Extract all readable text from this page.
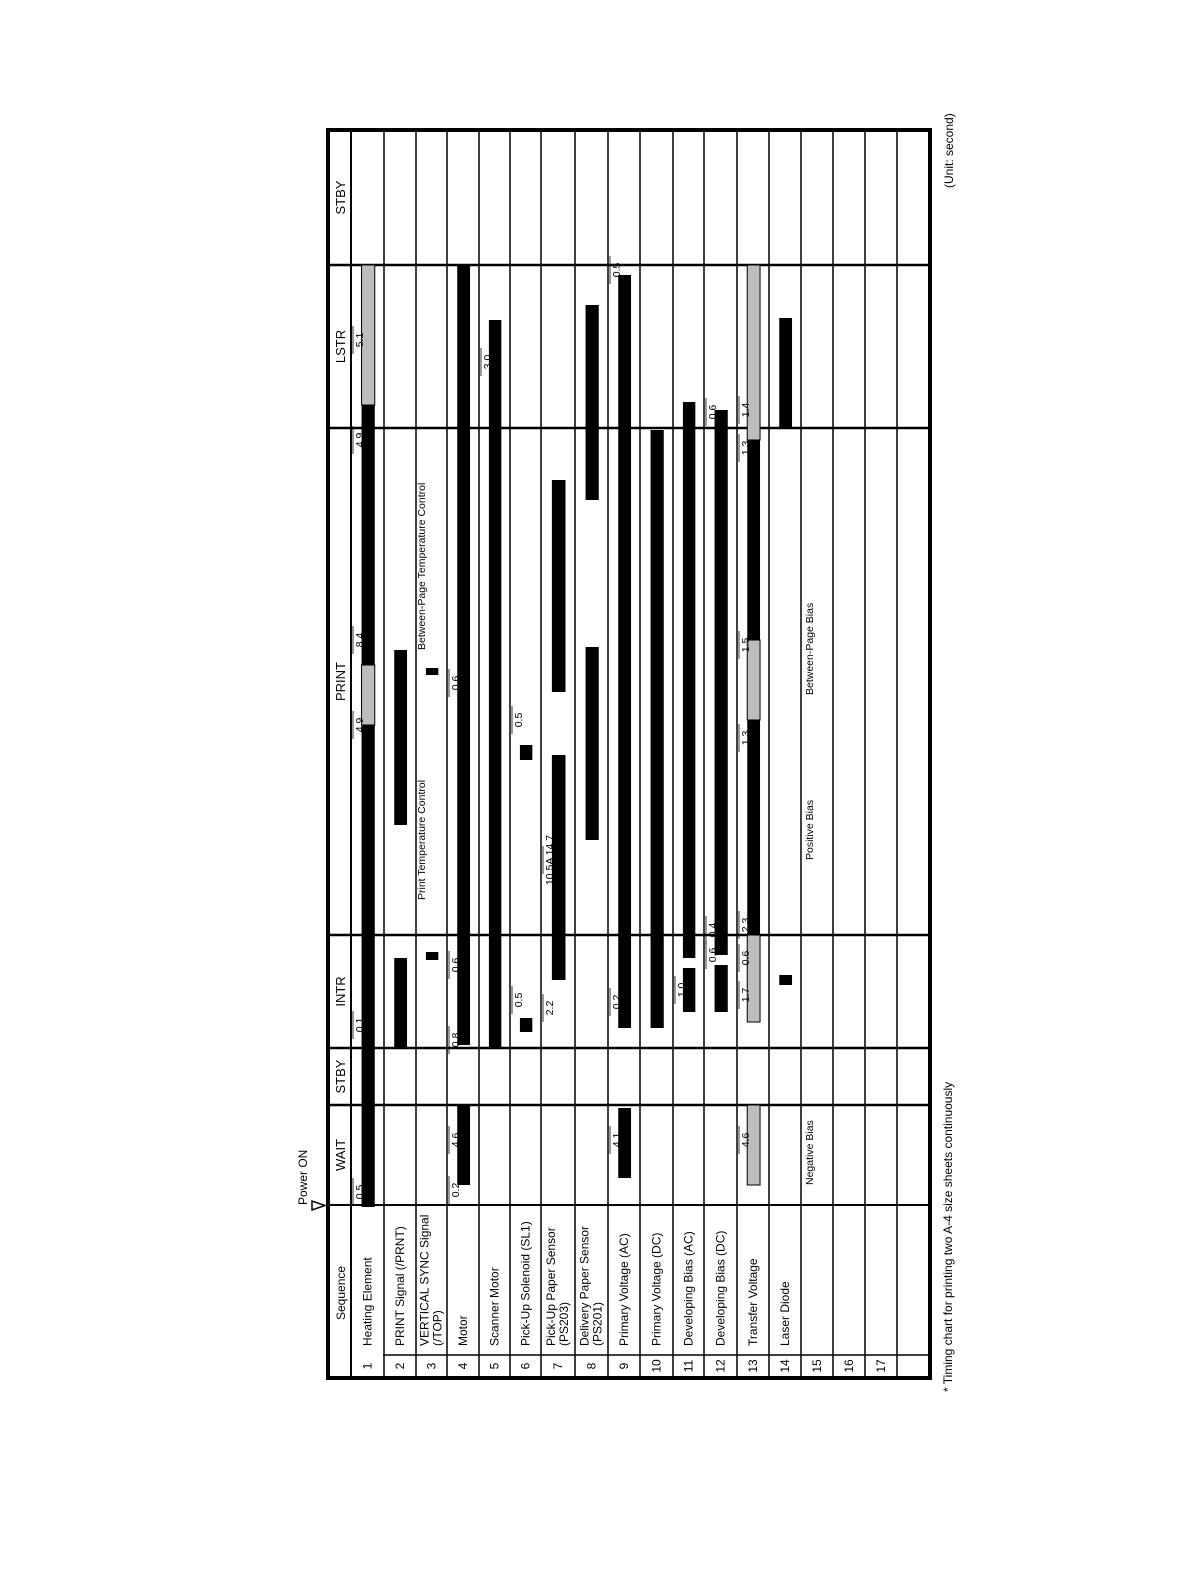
Sequence
Power ON
(Unit: second)
* Timing chart for printing two A-4 size sheets continuously
WAIT
STBY
INTR
PRINT
LSTR
STBY
1
Heating Element
2
PRINT Signal (/PRNT)
3
VERTICAL SYNC Signal (/TOP)
4
Motor
5
Scanner Motor
6
Pick-Up Solenoid (SL1)
7
Pick-Up Paper Sensor (PS203)
8
Delivery Paper Sensor (PS201)
9
Primary Voltage (AC)
10
Primary Voltage (DC)
11
Developing Bias (AC)
12
Developing Bias (DC)
13
Transfer Voltage
14
Laser Diode
15 16 17
0.5
0.1
4.9
8.4
4.9
5.1
0.2
4.6
0.8
0.6
0.6
3.0
0.5
0.5
2.2
10.5A 14.7
4.1
0.2
1.0
0.4
0.6
0.6
4.6
1.7
0.6
2.3
1.3
1.5
1.3
1.4
0.5
Print Temperature Control
Between-Page Temperature Control
Negative Bias
Positive Bias
Between-Page Bias
